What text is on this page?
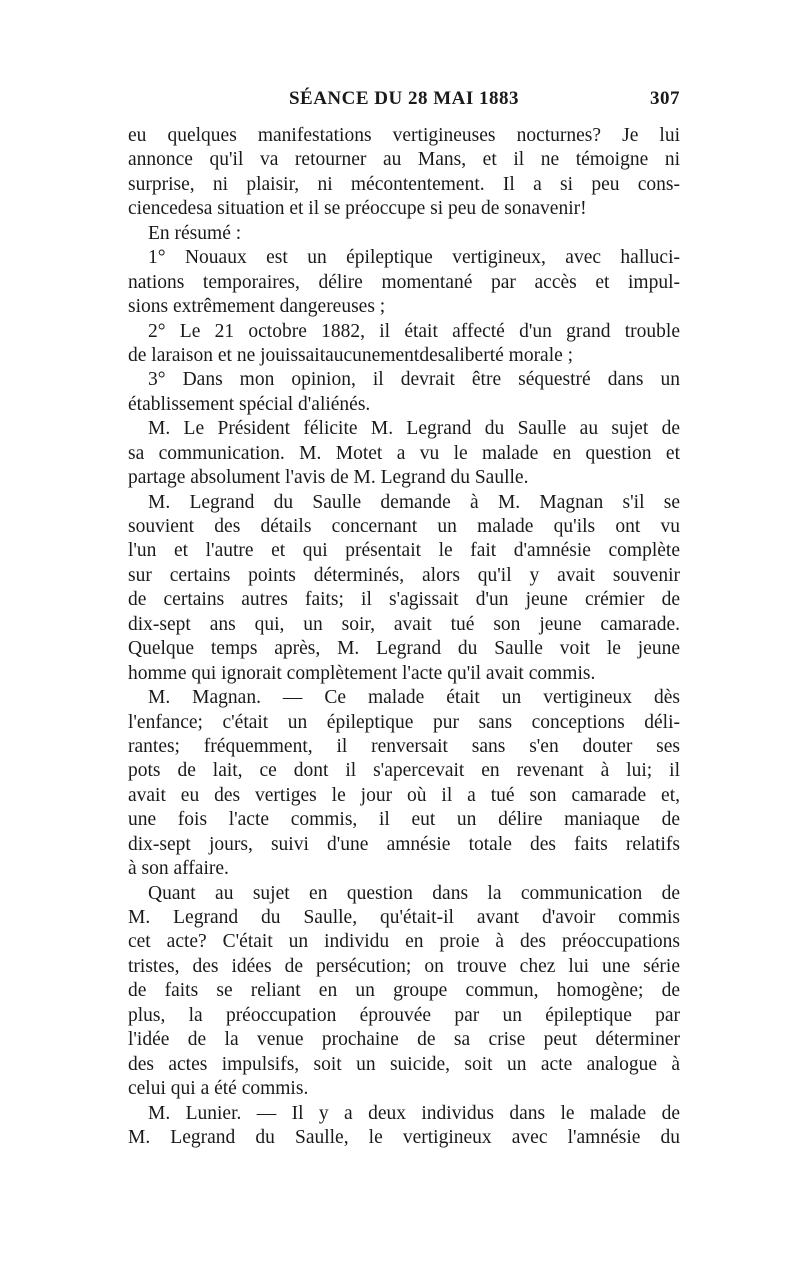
SÉANCE DU 28 MAI 1883	307
eu quelques manifestations vertigineuses nocturnes? Je lui
annonce qu'il va retourner au Mans, et il ne témoigne ni
surprise, ni plaisir, ni mécontentement. Il a si peu cons-
ciencedesa situation et il se préoccupe si peu de sonavenir!
En résumé :
1° Nouaux est un épileptique vertigineux, avec halluci-
nations temporaires, délire momentané par accès et impul-
sions extrêmement dangereuses ;
2° Le 21 octobre 1882, il était affecté d'un grand trouble
de laraison et ne jouissaitaucunementdesaliberté morale ;
3° Dans mon opinion, il devrait être séquestré dans un
établissement spécial d'aliénés.
M. Le Président félicite M. Legrand du Saulle au sujet de
sa communication. M. Motet a vu le malade en question et
partage absolument l'avis de M. Legrand du Saulle.
M. Legrand du Saulle demande à M. Magnan s'il se
souvient des détails concernant un malade qu'ils ont vu
l'un et l'autre et qui présentait le fait d'amnésie complète
sur certains points déterminés, alors qu'il y avait souvenir
de certains autres faits; il s'agissait d'un jeune crémier de
dix-sept ans qui, un soir, avait tué son jeune camarade.
Quelque temps après, M. Legrand du Saulle voit le jeune
homme qui ignorait complètement l'acte qu'il avait commis.
M. Magnan. — Ce malade était un vertigineux dès
l'enfance; c'était un épileptique pur sans conceptions déli-
rantes; fréquemment, il renversait sans s'en douter ses
pots de lait, ce dont il s'apercevait en revenant à lui; il
avait eu des vertiges le jour où il a tué son camarade et,
une fois l'acte commis, il eut un délire maniaque de
dix-sept jours, suivi d'une amnésie totale des faits relatifs
à son affaire.
Quant au sujet en question dans la communication de
M. Legrand du Saulle, qu'était-il avant d'avoir commis
cet acte? C'était un individu en proie à des préoccupations
tristes, des idées de persécution; on trouve chez lui une série
de faits se reliant en un groupe commun, homogène; de
plus, la préoccupation éprouvée par un épileptique par
l'idée de la venue prochaine de sa crise peut déterminer
des actes impulsifs, soit un suicide, soit un acte analogue à
celui qui a été commis.
M. Lunier. — Il y a deux individus dans le malade de
M. Legrand du Saulle, le vertigineux avec l'amnésie du
